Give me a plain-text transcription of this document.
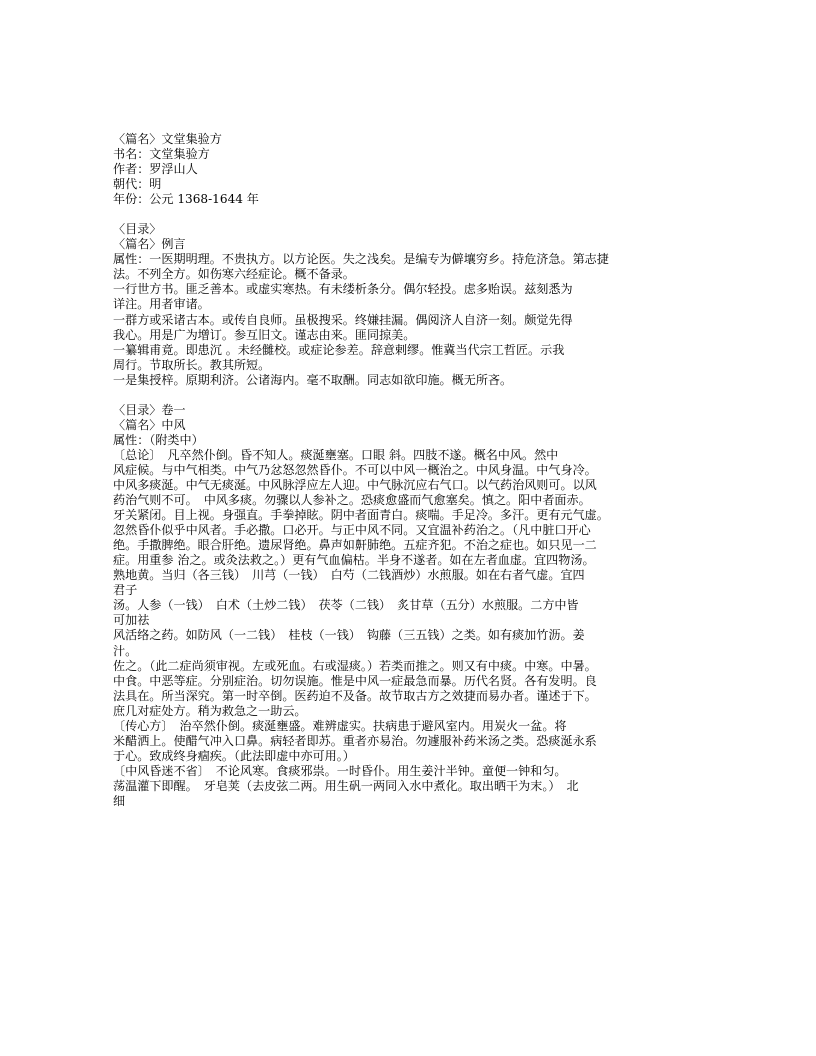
〈篇名〉文堂集验方
书名：文堂集验方
作者：罗浮山人
朝代：明
年份：公元 1368-1644 年
〈目录〉
〈篇名〉例言
属性：一医期明理。不贵执方。以方论医。失之浅矣。是编专为僻壤穷乡。持危济急。第志捷
法。不列全方。如伤寒六经症论。概不备录。
一行世方书。匪乏善本。或虚实寒热。有未缕析条分。偶尔轻投。虑多贻误。兹刻悉为
详注。用者审诸。
一群方或采诸古本。或传自良师。虽极搜采。终嫌挂漏。偶阅济人自济一刻。颇觉先得
我心。用是广为增订。参互旧文。谨志由来。匪同掠美。
一纂辑甫竟。即患沉 。未经雠校。或症论参差。辞意剌缪。惟冀当代宗工哲匠。示我
周行。节取所长。教其所短。
一是集授梓。原期利济。公诸海内。毫不取酬。同志如欲印施。概无所吝。
〈目录〉卷一
〈篇名〉中风
属性：（附类中）
〔总论〕　凡卒然仆倒。昏不知人。痰涎壅塞。口眼 斜。四肢不遂。概名中风。然中
风症候。与中气相类。中气乃忿怒忽然昏仆。不可以中风一概治之。中风身温。中气身冷。
中风多痰涎。中气无痰涎。中风脉浮应左人迎。中气脉沉应右气口。以气药治风则可。以风
药治气则不可。　中风多痰。勿骤以人参补之。恐痰愈盛而气愈塞矣。慎之。阳中者面赤。
牙关紧闭。目上视。身强直。手拳掉眩。阴中者面青白。痰喘。手足冷。多汗。更有元气虚。
忽然昏仆似乎中风者。手必撒。口必开。与正中风不同。又宜温补药治之。（凡中脏口开心
绝。手撒脾绝。眼合肝绝。遗尿肾绝。鼻声如鼾肺绝。五症齐犯。不治之症也。如只见一二
症。用重参 治之。或灸法救之。）更有气血偏枯。半身不遂者。如在左者血虚。宜四物汤。
熟地黄。当归（各三钱）　川芎（一钱）　白芍（二钱酒炒）水煎服。如在右者气虚。宜四
君子
汤。人参（一钱）　白术（土炒二钱）　茯苓（二钱）　炙甘草（五分）水煎服。二方中皆
可加祛
风活络之药。如防风（一二钱）　桂枝（一钱）　钩藤（三五钱）之类。如有痰加竹沥。姜
汁。
佐之。（此二症尚须审视。左或死血。右或湿痰。）若类而推之。则又有中痰。中寒。中暑。
中食。中恶等症。分别症治。切勿误施。惟是中风一症最急而暴。历代名贤。各有发明。良
法具在。所当深究。第一时卒倒。医药迫不及备。故节取古方之效捷而易办者。谨述于下。
庶几对症处方。稍为救急之一助云。
〔传心方〕　治卒然仆倒。痰涎壅盛。难辨虚实。扶病患于避风室内。用炭火一盆。将
米醋洒上。使醋气冲入口鼻。病轻者即苏。重者亦易治。勿遽服补药米汤之类。恐痰涎永系
于心。致成终身痼疾。（此法即虚中亦可用。）
〔中风昏迷不省〕　不论风寒。食痰邪祟。一时昏仆。用生姜汁半钟。童便一钟和匀。
荡温灌下即醒。　牙皂荚（去皮弦二两。用生矾一两同入水中煮化。取出晒干为末。）　北
细
